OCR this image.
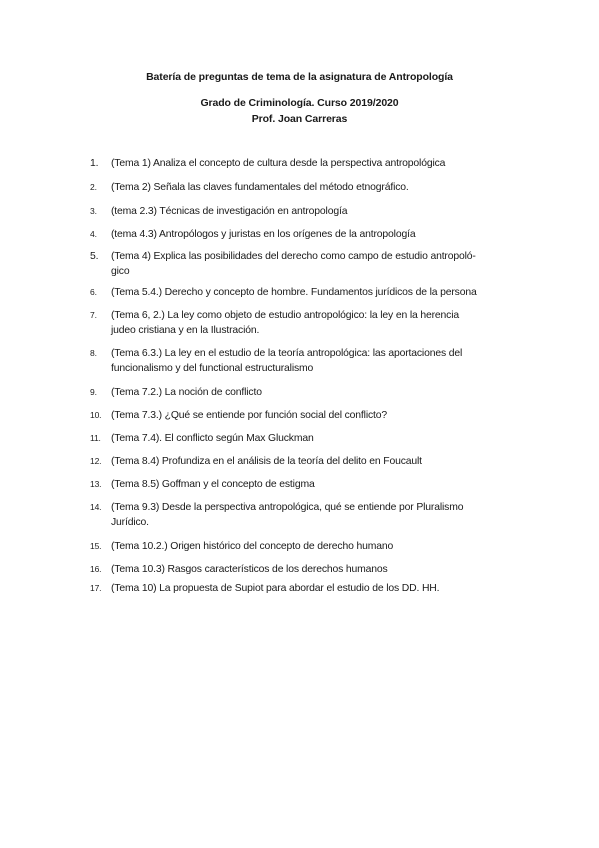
Batería de preguntas de tema de la asignatura de Antropología
Grado de Criminología. Curso 2019/2020
Prof. Joan Carreras
1.	(Tema 1) Analiza el concepto de cultura desde la perspectiva antropológica
2.	(Tema 2) Señala las claves fundamentales del método etnográfico.
3.	(tema 2.3) Técnicas de investigación en antropología
4.	(tema 4.3) Antropólogos y juristas en los orígenes de la antropología
5.	(Tema 4) Explica las posibilidades del derecho como campo de estudio antropoló-
gico
6.	(Tema 5.4.) Derecho y concepto de hombre. Fundamentos jurídicos de la persona
7.	(Tema 6, 2.) La ley como objeto de estudio antropológico: la ley en la herencia
judeo cristiana y en la Ilustración.
8.	(Tema 6.3.) La ley en el estudio de la teoría antropológica: las aportaciones del
funcionalismo y del functional estructuralismo
9.	(Tema 7.2.) La noción de conflicto
10. (Tema 7.3.) ¿Qué se entiende por función social del conflicto?
11. (Tema 7.4). El conflicto según Max Gluckman
12. (Tema 8.4) Profundiza en el análisis de la teoría del delito en Foucault
13. (Tema 8.5) Goffman y el concepto de estigma
14. (Tema 9.3) Desde la perspectiva antropológica, qué se entiende por Pluralismo
Jurídico.
15. (Tema 10.2.) Origen histórico del concepto de derecho humano
16. (Tema 10.3) Rasgos característicos de los derechos humanos
17. (Tema 10) La propuesta de Supiot para abordar el estudio de los DD. HH.
